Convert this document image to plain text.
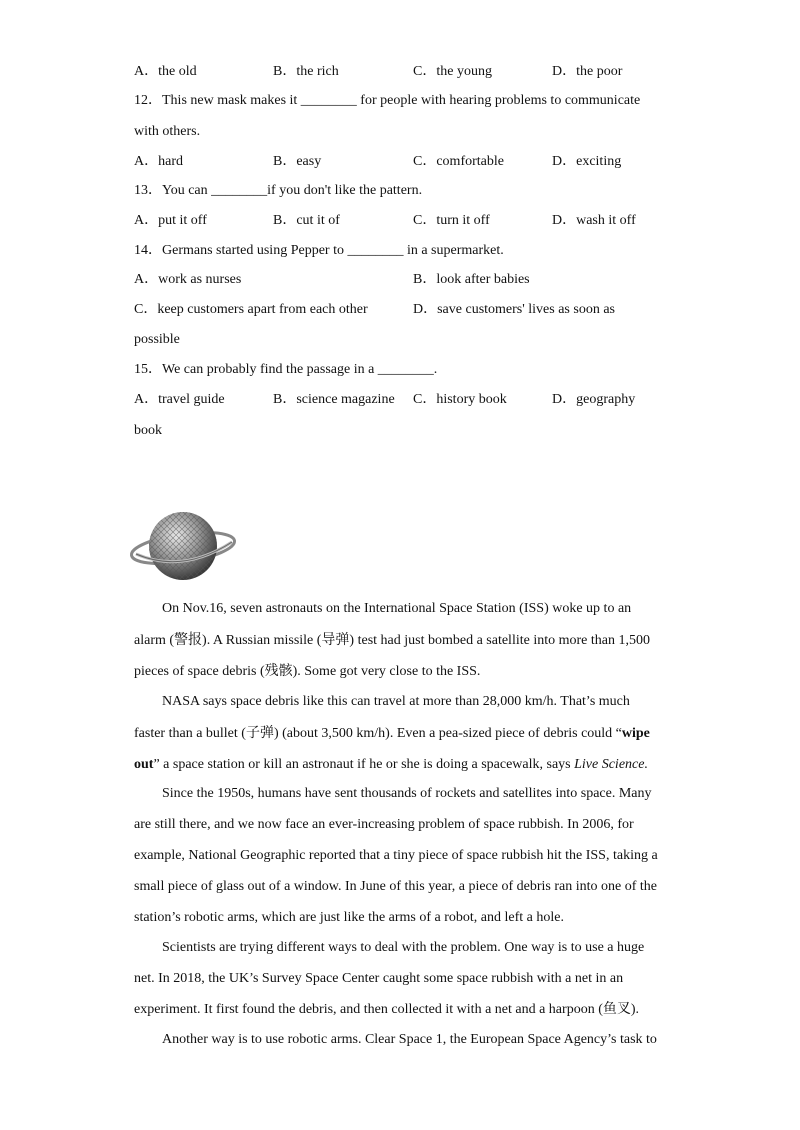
A．the old	B．the rich	C．the young	D．the poor
12．This new mask makes it ________ for people with hearing problems to communicate
with others.
A．hard	B．easy	C．comfortable	D．exciting
13．You can ________if you don't like the pattern.
A．put it off	B．cut it of	C．turn it off	D．wash it off
14．Germans started using Pepper to ________ in a supermarket.
A．work as nurses	B．look after babies
C．keep customers apart from each other	D．save customers' lives as soon as
possible
15．We can probably find the passage in a ________.
A．travel guide	B．science magazine C．history book	D．geography
book
On Nov.16, seven astronauts on the International Space Station (ISS) woke up to an
alarm (警报). A Russian missile (导弹) test had just bombed a satellite into more than 1,500
pieces of space debris (残骸). Some got very close to the ISS.
NASA says space debris like this can travel at more than 28,000 km/h. That’s much
faster than a bullet (子弹) (about 3,500 km/h). Even a pea-sized piece of debris could “wipe
out” a space station or kill an astronaut if he or she is doing a spacewalk, says Live Science.
Since the 1950s, humans have sent thousands of rockets and satellites into space. Many
are still there, and we now face an ever-increasing problem of space rubbish. In 2006, for
example, National Geographic reported that a tiny piece of space rubbish hit the ISS, taking a
small piece of glass out of a window. In June of this year, a piece of debris ran into one of the
station’s robotic arms, which are just like the arms of a robot, and left a hole.
Scientists are trying different ways to deal with the problem. One way is to use a huge
net. In 2018, the UK’s Survey Space Center caught some space rubbish with a net in an
experiment. It first found the debris, and then collected it with a net and a harpoon (鱼叉).
Another way is to use robotic arms. Clear Space 1, the European Space Agency’s task to
